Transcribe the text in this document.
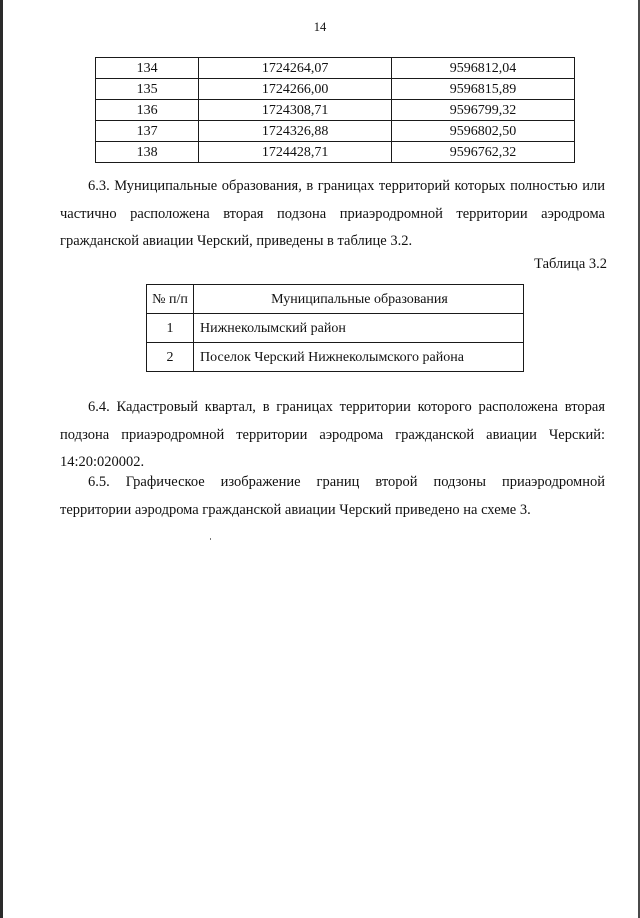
14
134	1724264,07	9596812,04
135	1724266,00	9596815,89
136	1724308,71	9596799,32
137	1724326,88	9596802,50
138	1724428,71	9596762,32

6.3. Муниципальные образования, в границах территорий которых полностью или частично расположена вторая подзона приаэродромной территории аэродрома гражданской авиации Черский, приведены в таблице 3.2.

Таблица 3.2
№ п/п	Муниципальные образования
1	Нижнеколымский район
2	Поселок Черский Нижнеколымского района

6.4. Кадастровый квартал, в границах территории которого расположена вторая подзона приаэродромной территории аэродрома гражданской авиации Черский: 14:20:020002.

6.5. Графическое изображение границ второй подзоны приаэродромной территории аэродрома гражданской авиации Черский приведено на схеме 3.
